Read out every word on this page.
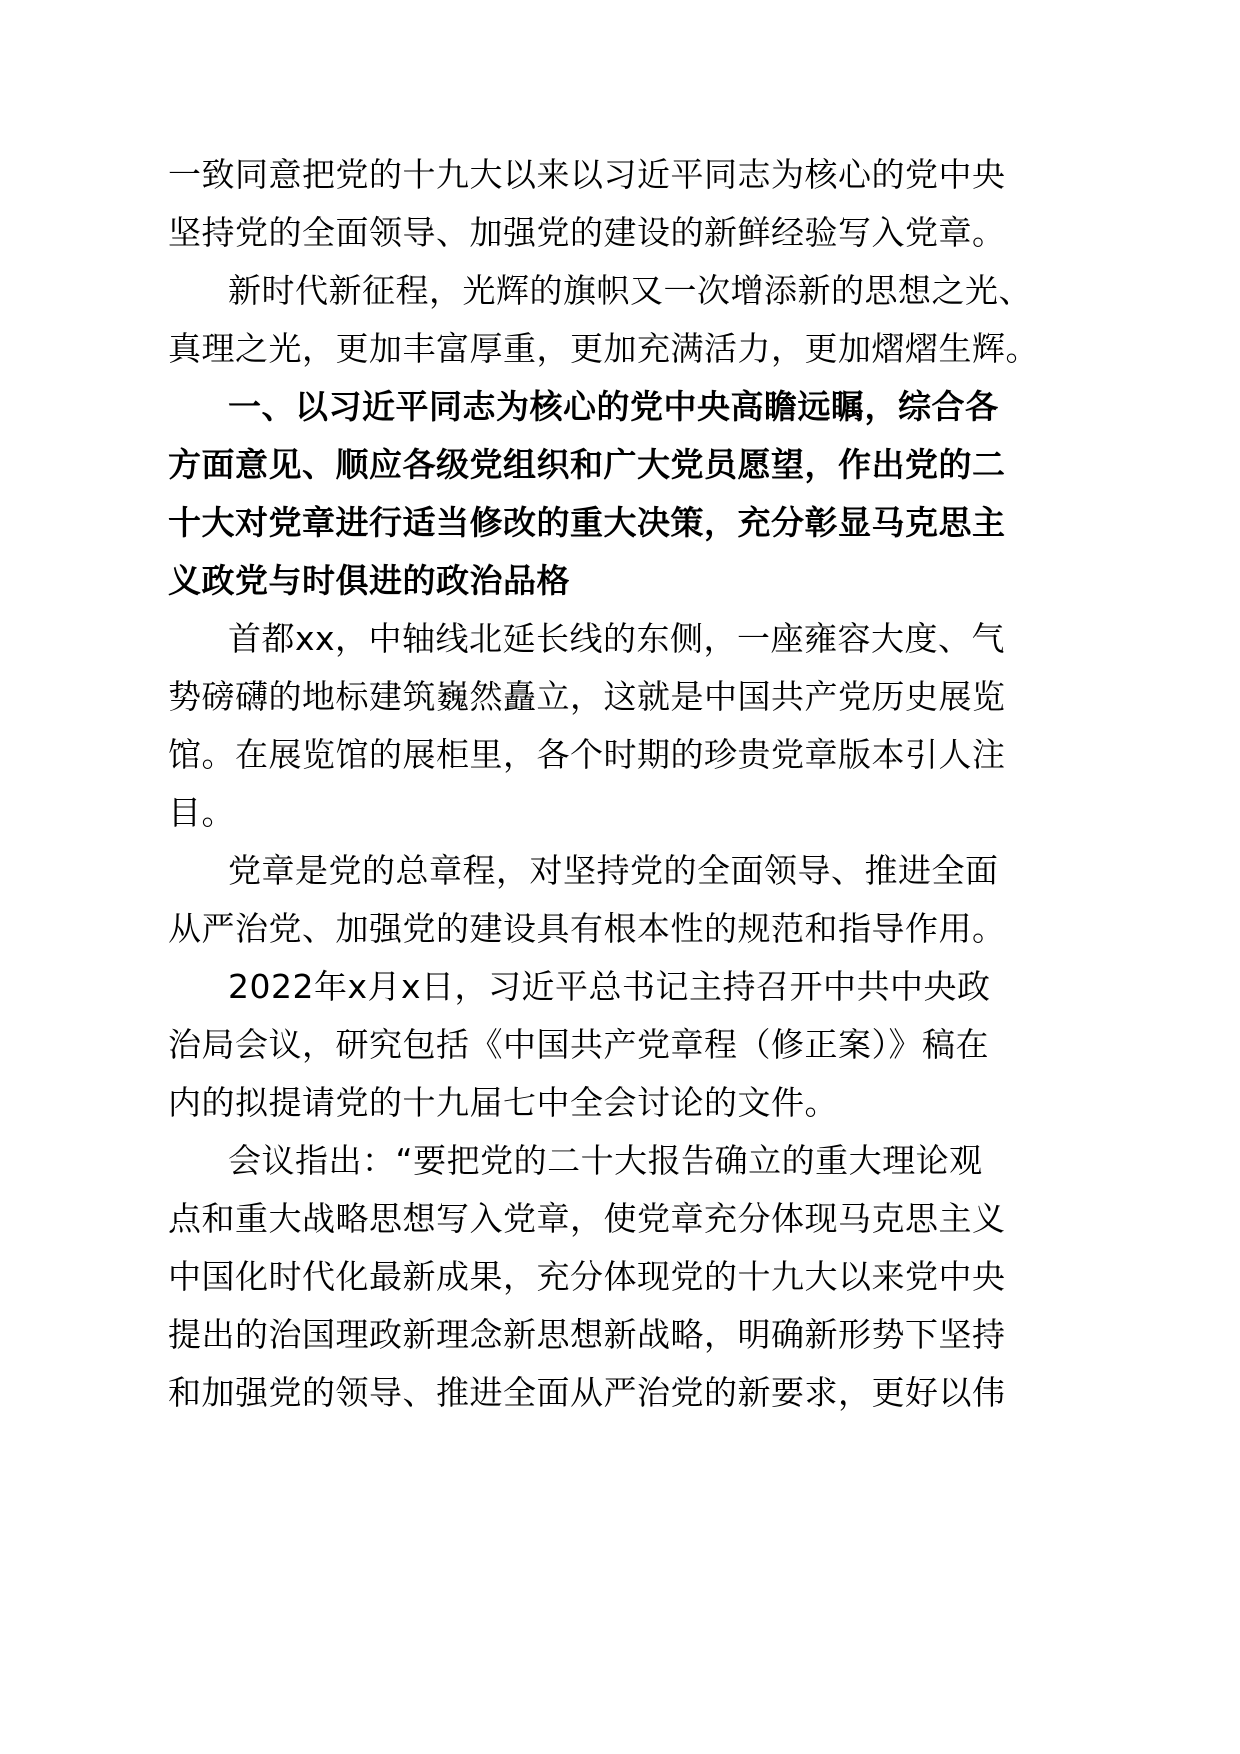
一致同意把党的十九大以来以习近平同志为核心的党中央
坚持党的全面领导、加强党的建设的新鲜经验写入党章。
新时代新征程，光辉的旗帜又一次增添新的思想之光、
真理之光，更加丰富厚重，更加充满活力，更加熠熠生辉。
一、以习近平同志为核心的党中央高瞻远瞩，综合各
方面意见、顺应各级党组织和广大党员愿望，作出党的二
十大对党章进行适当修改的重大决策，充分彰显马克思主
义政党与时俱进的政治品格
首都xx，中轴线北延长线的东侧，一座雍容大度、气
势磅礴的地标建筑巍然矗立，这就是中国共产党历史展览
馆。在展览馆的展柜里，各个时期的珍贵党章版本引人注
目。
党章是党的总章程，对坚持党的全面领导、推进全面
从严治党、加强党的建设具有根本性的规范和指导作用。
2022年x月x日，习近平总书记主持召开中共中央政
治局会议，研究包括《中国共产党章程（修正案）》稿在
内的拟提请党的十九届七中全会讨论的文件。
会议指出：“要把党的二十大报告确立的重大理论观
点和重大战略思想写入党章，使党章充分体现马克思主义
中国化时代化最新成果，充分体现党的十九大以来党中央
提出的治国理政新理念新思想新战略，明确新形势下坚持
和加强党的领导、推进全面从严治党的新要求，更好以伟
